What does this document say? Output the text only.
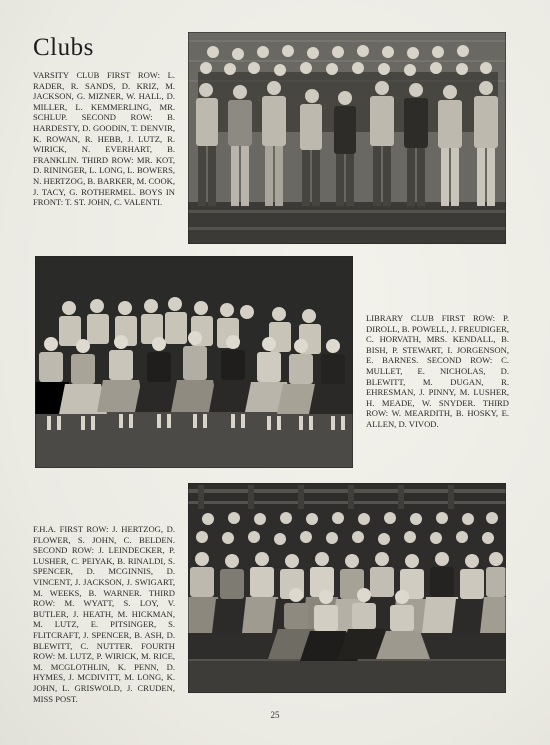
Clubs

VARSITY CLUB FIRST ROW: L. RADER, R. SANDS, D. KRIZ, M. JACKSON, G. MIZNER, W. HALL, D. MILLER, L. KEMMERLING, MR. SCHLUP. SECOND ROW: B. HARDESTY, D. GOODIN, T. DENVIR, K. ROWAN, R. HEBB, J. LUTZ, R. WIRICK, N. EVERHART, B. FRANKLIN. THIRD ROW: MR. KOT, D. RININGER, L. LONG, L. BOWERS, N. HERTZOG, B. BARKER, M. COOK, J. TACY, G. ROTHERMEL. BOYS IN FRONT: T. ST. JOHN, C. VALENTI.

LIBRARY CLUB FIRST ROW: P. DIROLL, B. POWELL, J. FREUDIGER, C. HORVATH, MRS. KENDALL, B. BISH, P. STEWART, I. JORGENSON, E. BARNES. SECOND ROW: C. MULLET, E. NICHOLAS, D. BLEWITT, M. DUGAN, R. EHRESMAN, J. PINNY, M. LUSHER, H. MEADE, W. SNYDER. THIRD ROW: W. MEARDITH, B. HOSKY, E. ALLEN, D. VIVOD.

F.H.A. FIRST ROW: J. HERTZOG, D. FLOWER, S. JOHN, C. BELDEN. SECOND ROW: J. LEINDECKER, P. LUSHER, C. PEIYAK, B. RINALDI, S. SPENCER, D. MCGINNIS, D. VINCENT, J. JACKSON, J. SWIGART, M. WEEKS, B. WARNER. THIRD ROW: M. WYATT, S. LOY, V. BUTLER, J. HEATH, M. HICKMAN, M. LUTZ, E. PITSINGER, S. FLITCRAFT, J. SPENCER, B. ASH, D. BLEWITT, C. NUTTER. FOURTH ROW: M. LUTZ, P. WIRICK, M. RICE, M. MCGLOTHLIN, K. PENN, D. HYMES, J. MCDIVITT, M. LONG, K. JOHN, L. GRISWOLD, J. CRUDEN, MISS POST.

25
